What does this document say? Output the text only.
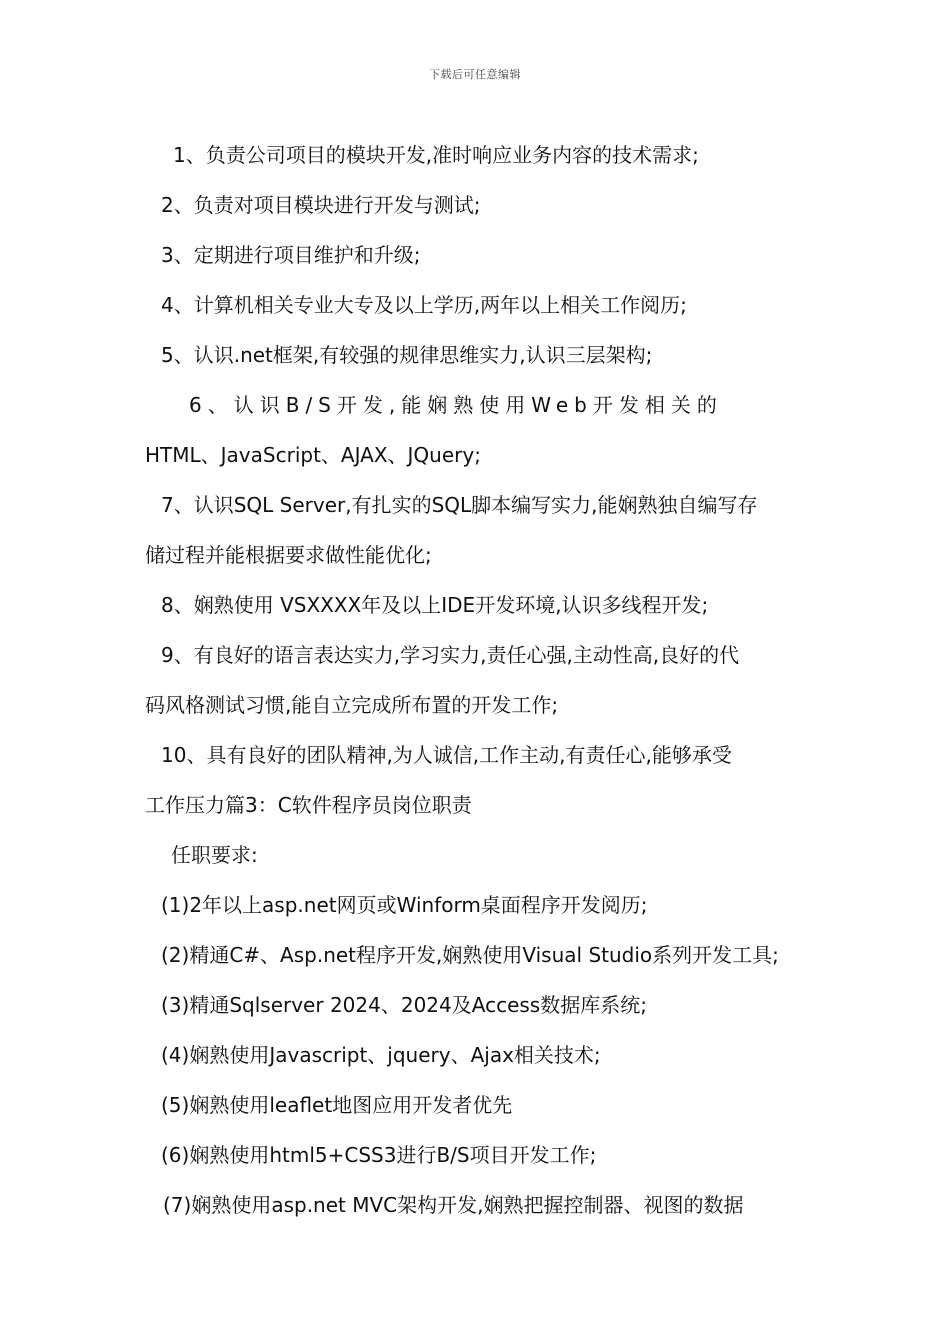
下载后可任意编辑

1、负责公司项目的模块开发,准时响应业务内容的技术需求;

2、负责对项目模块进行开发与测试;

3、定期进行项目维护和升级;

4、计算机相关专业大专及以上学历,两年以上相关工作阅历;

5、认识.net框架,有较强的规律思维实力,认识三层架构;

6、认识B/S开发,能娴熟使用Web开发相关的

HTML、JavaScript、AJAX、JQuery;

7、认识SQL Server,有扎实的SQL脚本编写实力,能娴熟独自编写存

储过程并能根据要求做性能优化;

8、娴熟使用 VSXXXX年及以上IDE开发环境,认识多线程开发;

9、有良好的语言表达实力,学习实力,责任心强,主动性高,良好的代

码风格测试习惯,能自立完成所布置的开发工作;

10、具有良好的团队精神,为人诚信,工作主动,有责任心,能够承受

工作压力篇3：C软件程序员岗位职责

任职要求:

(1)2年以上asp.net网页或Winform桌面程序开发阅历;

(2)精通C#、Asp.net程序开发,娴熟使用Visual Studio系列开发工具;

(3)精通Sqlserver 2024、2024及Access数据库系统;

(4)娴熟使用Javascript、jquery、Ajax相关技术;

(5)娴熟使用leaflet地图应用开发者优先

(6)娴熟使用html5+CSS3进行B/S项目开发工作;

(7)娴熟使用asp.net MVC架构开发,娴熟把握控制器、视图的数据
